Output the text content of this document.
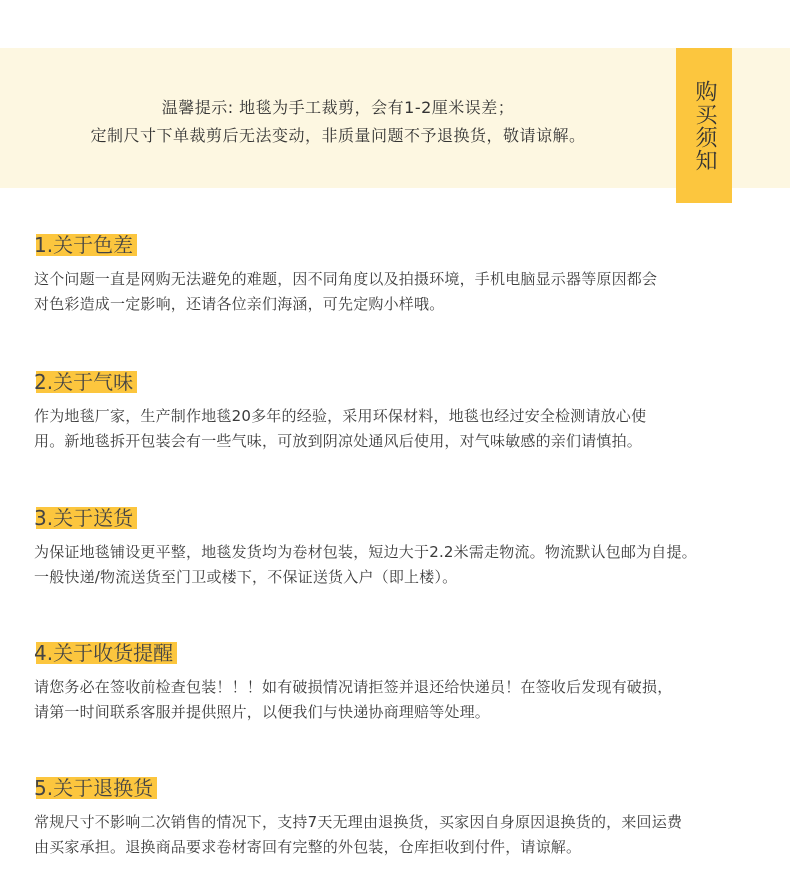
温馨提示: 地毯为手工裁剪，会有1-2厘米误差；
定制尺寸下单裁剪后无法变动，非质量问题不予退换货，敬请谅解。	购买须知
1.关于色差
这个问题一直是网购无法避免的难题，因不同角度以及拍摄环境，手机电脑显示器等原因都会
对色彩造成一定影响，还请各位亲们海涵，可先定购小样哦。
2.关于气味
作为地毯厂家，生产制作地毯20多年的经验，采用环保材料，地毯也经过安全检测请放心使
用。新地毯拆开包装会有一些气味，可放到阴凉处通风后使用，对气味敏感的亲们请慎拍。
3.关于送货
为保证地毯铺设更平整，地毯发货均为卷材包装，短边大于2.2米需走物流。物流默认包邮为自提。
一般快递/物流送货至门卫或楼下，不保证送货入户（即上楼）。
4.关于收货提醒
请您务必在签收前检查包装！！！如有破损情况请拒签并退还给快递员！在签收后发现有破损，
请第一时间联系客服并提供照片，以便我们与快递协商理赔等处理。
5.关于退换货
常规尺寸不影响二次销售的情况下，支持7天无理由退换货，买家因自身原因退换货的，来回运费
由买家承担。退换商品要求卷材寄回有完整的外包装，仓库拒收到付件，请谅解。
